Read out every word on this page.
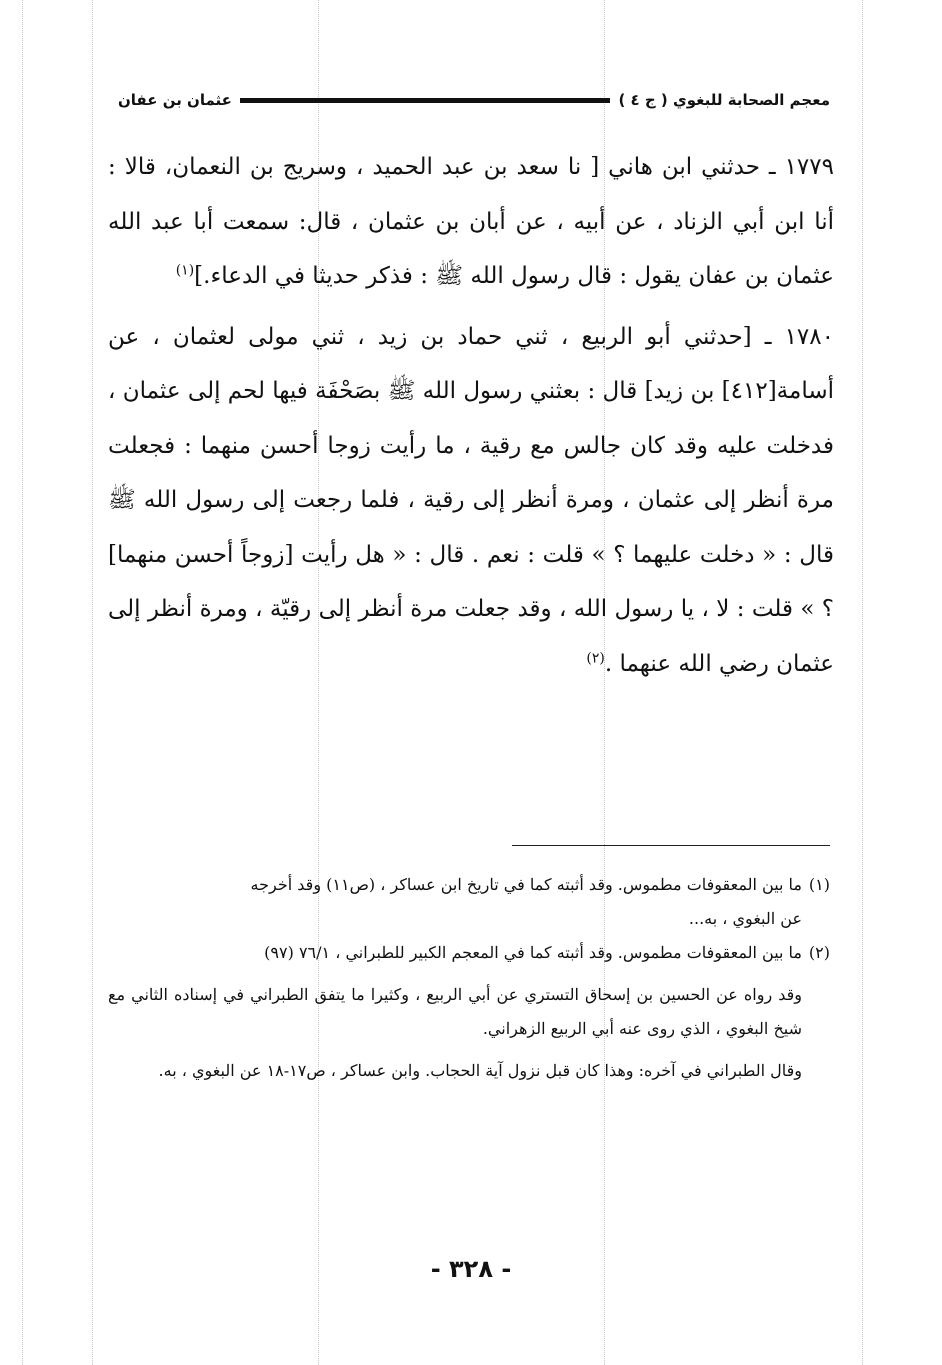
معجم الصحابة للبغوي ( ج ٤ )
عثمان بن عفان

١٧٧٩ ـ حدثني ابن هاني [ نا سعد بن عبد الحميد ، وسريج بن النعمان، قالا : أنا ابن أبي الزناد ، عن أبيه ، عن أبان بن عثمان ، قال: سمعت أبا عبد الله عثمان بن عفان يقول : قال رسول الله ﷺ : فذكر حديثا في الدعاء.]$^{(١)}$

١٧٨٠ ـ [حدثني أبو الربيع ، ثني حماد بن زيد ، ثني مولى لعثمان ، عن أسامة[٤١٢] بن زيد] قال : بعثني رسول الله ﷺ بصَحْفَة فيها لحم إلى عثمان ، فدخلت عليه وقد كان جالس مع رقية ، ما رأيت زوجا أحسن منهما : فجعلت مرة أنظر إلى عثمان ، ومرة أنظر إلى رقية ، فلما رجعت إلى رسول الله ﷺ قال : « دخلت عليهما ؟ » قلت : نعم . قال : « هل رأيت [زوجاً أحسن منهما] ؟ » قلت : لا ، يا رسول الله ، وقد جعلت مرة أنظر إلى رقيّة ، ومرة أنظر إلى عثمان رضي الله عنهما .$^{(٢)}$

(١)ما بين المعقوفات مطموس. وقد أثبته كما في تاريخ ابن عساكر ، (ص١١) وقد أخرجه
عن البغوي ، به...
(٢)ما بين المعقوفات مطموس. وقد أثبته كما في المعجم الكبير للطبراني ، ٧٦/١ (٩٧)
وقد رواه عن الحسين بن إسحاق التستري عن أبي الربيع ، وكثيرا ما يتفق الطبراني في إسناده الثاني مع شيخ البغوي ، الذي روى عنه أبي الربيع الزهراني.
وقال الطبراني في آخره: وهذا كان قبل نزول آية الحجاب. وابن عساكر ، ص١٧-١٨ عن البغوي ، به.
- ٣٢٨ -
